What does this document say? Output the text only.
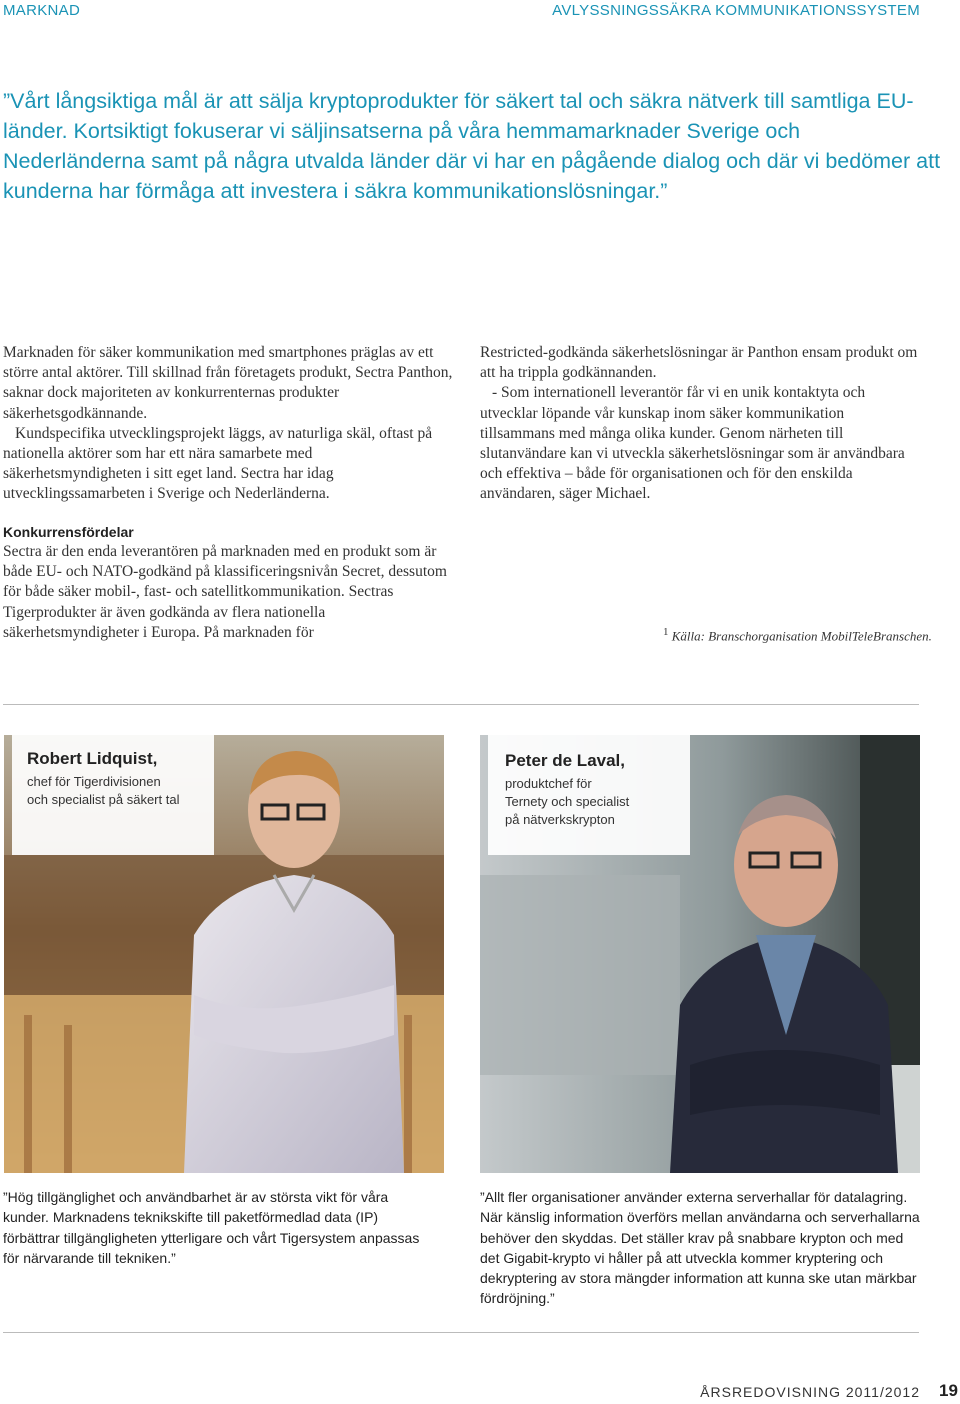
MARKNAD	AVLYSSNINGSSÄKRA KOMMUNIKATIONSSYSTEM
”Vårt långsiktiga mål är att sälja kryptoprodukter för säkert tal och säkra nätverk till samtliga EU-länder. Kortsiktigt fokuserar vi säljinsatserna på våra hemmamarknader Sverige och Nederländerna samt på några utvalda länder där vi har en pågående dialog och där vi bedömer att kunderna har förmåga att investera i säkra kommunikationslösningar.”

Marknaden för säker kommunikation med smartphones präglas av ett större antal aktörer. Till skillnad från företagets produkt, Sectra Panthon, saknar dock majoriteten av konkurrenternas produkter säkerhetsgodkännande.

Kundspecifika utvecklingsprojekt läggs, av naturliga skäl, oftast på nationella aktörer som har ett nära samarbete med säkerhetsmyndigheten i sitt eget land. Sectra har idag utvecklingssamarbeten i Sverige och Nederländerna.

Restricted-godkända säkerhetslösningar är Panthon ensam produkt om att ha trippla godkännanden.

- Som internationell leverantör får vi en unik kontaktyta och utvecklar löpande vår kunskap inom säker kommunikation tillsammans med många olika kunder. Genom närheten till slutanvändare kan vi utveckla säkerhetslösningar som är användbara och effektiva – både för organisationen och för den enskilda användaren, säger Michael.

Konkurrensfördelar
Sectra är den enda leverantören på marknaden med en produkt som är både EU- och NATO-godkänd på klassificeringsnivån Secret, dessutom för både säker mobil-, fast- och satellitkommunikation. Sectras Tigerprodukter är även godkända av flera nationella säkerhetsmyndigheter i Europa. På marknaden för	$^1$ Källa: Branschorganisation MobilTeleBranschen.
Robert Lidquist,
chef för Tigerdivisionen
och specialist på säkert tal
Peter de Laval,
produktchef för
Ternety och specialist
på nätverkskrypton
”Hög tillgänglighet och användbarhet är av största vikt för våra kunder. Marknadens teknikskifte till paketförmedlad data (IP) förbättrar tillgängligheten ytterligare och vårt Tigersystem anpassas för närvarande till tekniken.”
”Allt fler organisationer använder externa serverhallar för datalagring. När känslig information överförs mellan användarna och serverhallarna behöver den skyddas. Det ställer krav på snabbare krypton och med det Gigabit-krypto vi håller på att utveckla kommer kryptering och dekryptering av stora mängder information att kunna ske utan märkbar fördröjning.”
ÅRSREDOVISNING 2011/2012 19
